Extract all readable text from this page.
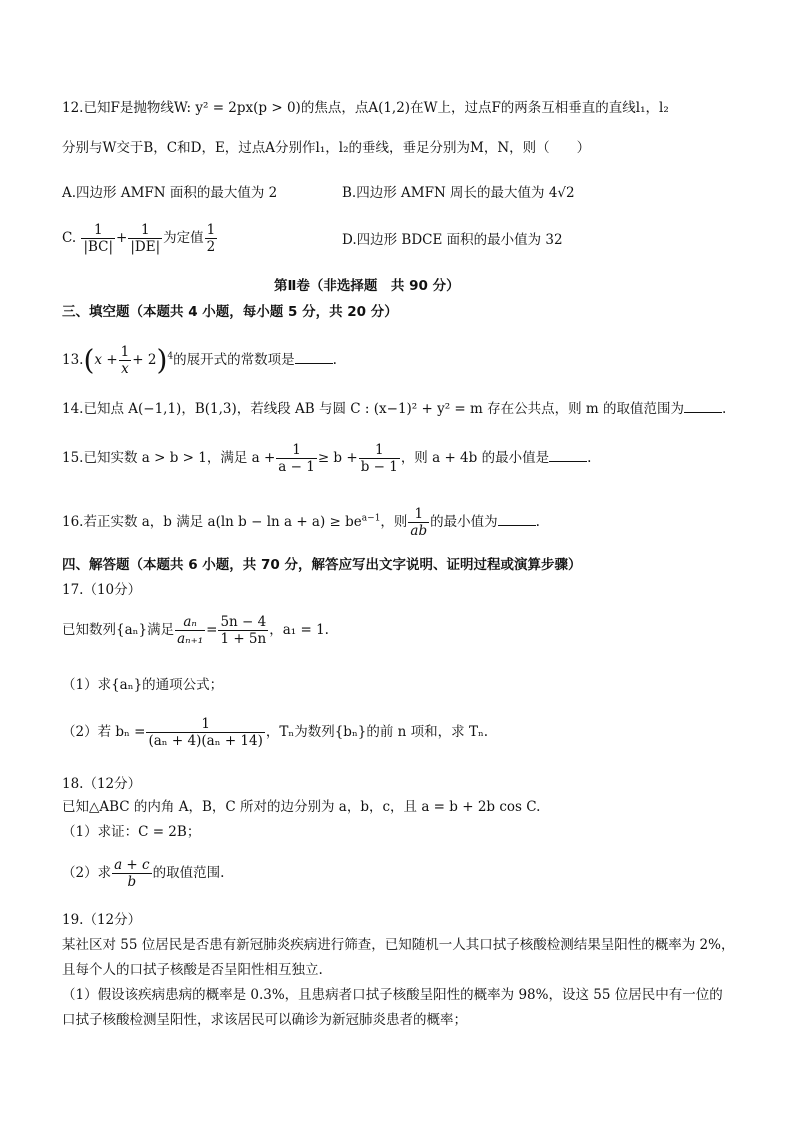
12.已知F是抛物线W: y² = 2px(p > 0)的焦点，点A(1,2)在W上，过点F的两条互相垂直的直线l₁，l₂
分别与W交于B，C和D，E，过点A分别作l₁，l₂的垂线，垂足分别为M，N，则（　　）
A.四边形 AMFN 面积的最大值为 2	B.四边形 AMFN 周长的最大值为 4√2
C. $\frac{1}{|BC|} + \frac{1}{|DE|}$ 为定值 $\frac{1}{2}$	D.四边形 BDCE 面积的最小值为 32
第Ⅱ卷（非选择题　共 90 分）
三、填空题（本题共 4 小题，每小题 5 分，共 20 分）
$13.(x + \frac{1}{x} + 2)^4$的展开式的常数项是	.
14.已知点 A(−1,1)，B(1,3)，若线段 AB 与圆 C : (x−1)² + y² = m 存在公共点，则 m 的取值范围为	.
15.已知实数 a > b > 1，满足 $a + \frac{1}{a - 1} \ge b + \frac{1}{b - 1}$ ，则 a + 4b 的最小值是	.
16.若正实数 a，b 满足 a(ln $b - \ln a + a) \ge be^{a-1}$，则 $\frac{1}{ab}$ 的最小值为	.
四、解答题（本题共 6 小题，共 70 分，解答应写出文字说明、证明过程或演算步骤）
17.（10分）
已知数列{aₙ}满足 $\frac{\text{aₙ}}{\text{aₙ₊₁}} = \frac{5n - 4}{1 + 5n}$ ，a₁ = 1.
（1）求{aₙ}的通项公式；
（2）若 $b_n = \frac{1}{\text{(aₙ + 4)(aₙ + 14)}}$ ，Tₙ为数列{bₙ}的前 n 项和，求 Tₙ.
18.（12分）
已知△ABC 的内角 A，B，C 所对的边分别为 a，b，c，且 a = b + 2b cos C.
（1）求证：C = 2B；
（2）求 $\frac{a + c}{b}$ 的取值范围.
19.（12分）
某社区对 55 位居民是否患有新冠肺炎疾病进行筛查，已知随机一人其口拭子核酸检测结果呈阳性的概率为 2%，
且每个人的口拭子核酸是否呈阳性相互独立.
（1）假设该疾病患病的概率是 0.3%，且患病者口拭子核酸呈阳性的概率为 98%，设这 55 位居民中有一位的
口拭子核酸检测呈阳性，求该居民可以确诊为新冠肺炎患者的概率；
